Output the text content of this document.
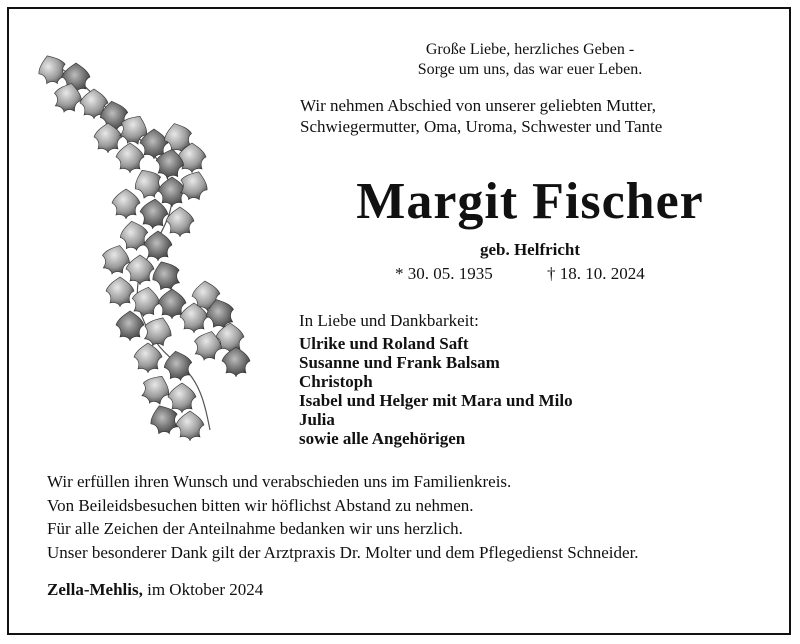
Große Liebe, herzliches Geben -
Sorge um uns, das war euer Leben.
Wir nehmen Abschied von unserer geliebten Mutter,
Schwiegermutter, Oma, Uroma, Schwester und Tante
Margit Fischer
geb. Helfricht
* 30. 05. 1935	† 18. 10. 2024
In Liebe und Dankbarkeit:
Ulrike und Roland Saft
Susanne und Frank Balsam
Christoph
Isabel und Helger mit Mara und Milo
Julia
sowie alle Angehörigen
Wir erfüllen ihren Wunsch und verabschieden uns im Familienkreis.
Von Beileidsbesuchen bitten wir höflichst Abstand zu nehmen.
Für alle Zeichen der Anteilnahme bedanken wir uns herzlich.
Unser besonderer Dank gilt der Arztpraxis Dr. Molter und dem Pflegedienst Schneider.
Zella-Mehlis, im Oktober 2024
